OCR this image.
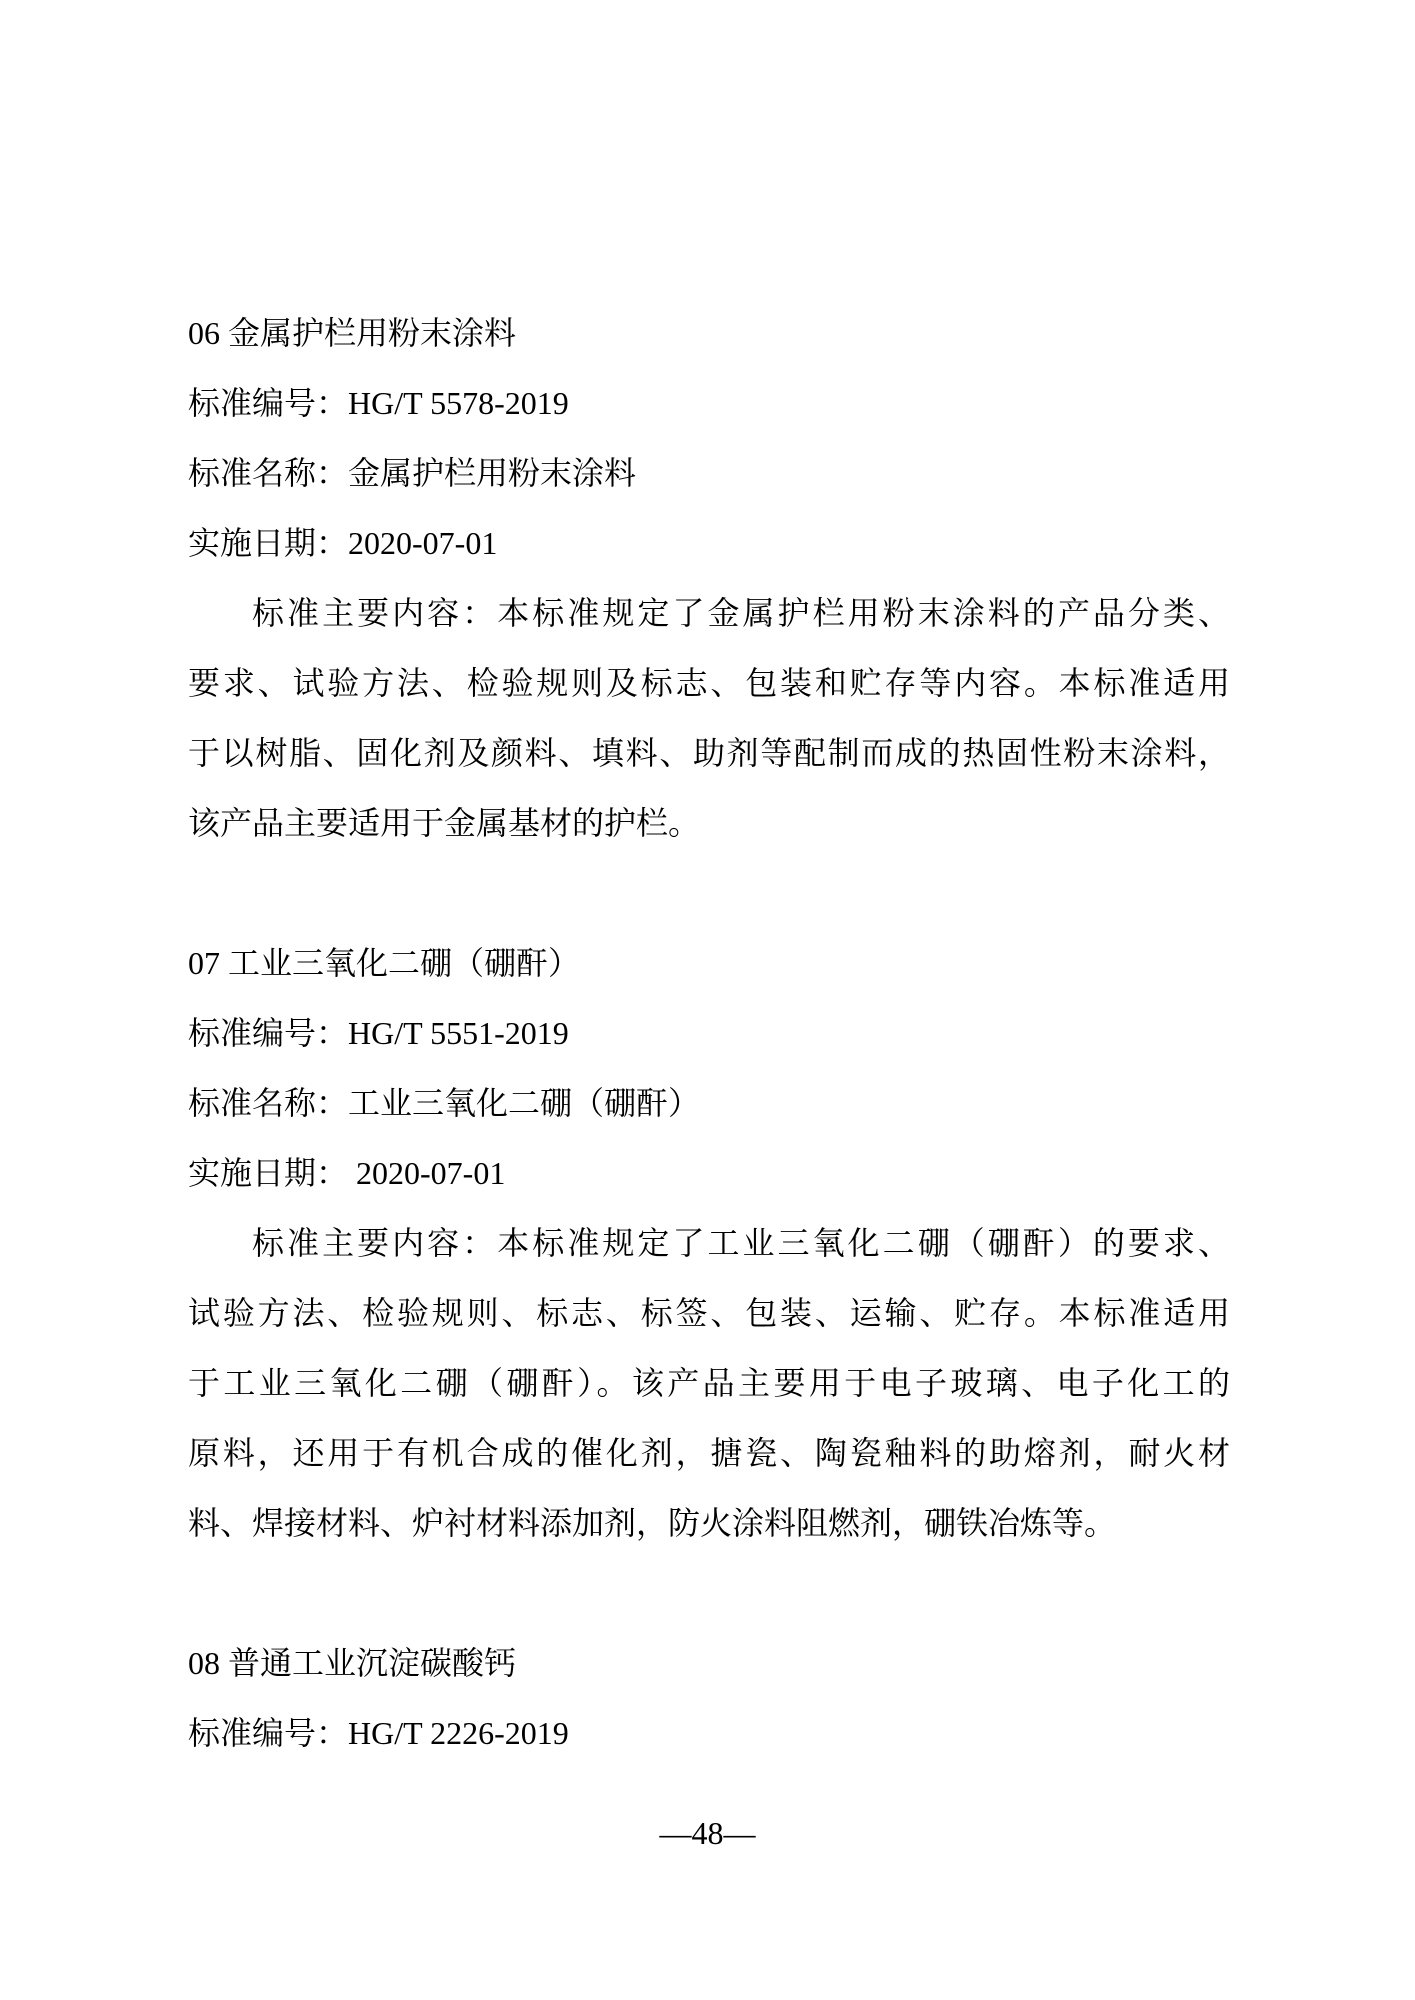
06 金属护栏用粉末涂料
标准编号：HG/T 5578-2019
标准名称：金属护栏用粉末涂料
实施日期：2020-07-01
标准主要内容：本标准规定了金属护栏用粉末涂料的产品分类、
要求、试验方法、检验规则及标志、包装和贮存等内容。本标准适用
于以树脂、固化剂及颜料、填料、助剂等配制而成的热固性粉末涂料，
该产品主要适用于金属基材的护栏。
07 工业三氧化二硼（硼酐）
标准编号：HG/T 5551-2019
标准名称：工业三氧化二硼（硼酐）
实施日期： 2020-07-01
标准主要内容：本标准规定了工业三氧化二硼（硼酐）的要求、
试验方法、检验规则、标志、标签、包装、运输、贮存。本标准适用
于工业三氧化二硼（硼酐）。该产品主要用于电子玻璃、电子化工的
原料，还用于有机合成的催化剂，搪瓷、陶瓷釉料的助熔剂，耐火材
料、焊接材料、炉衬材料添加剂，防火涂料阻燃剂，硼铁冶炼等。
08 普通工业沉淀碳酸钙
标准编号：HG/T 2226-2019
—48—
